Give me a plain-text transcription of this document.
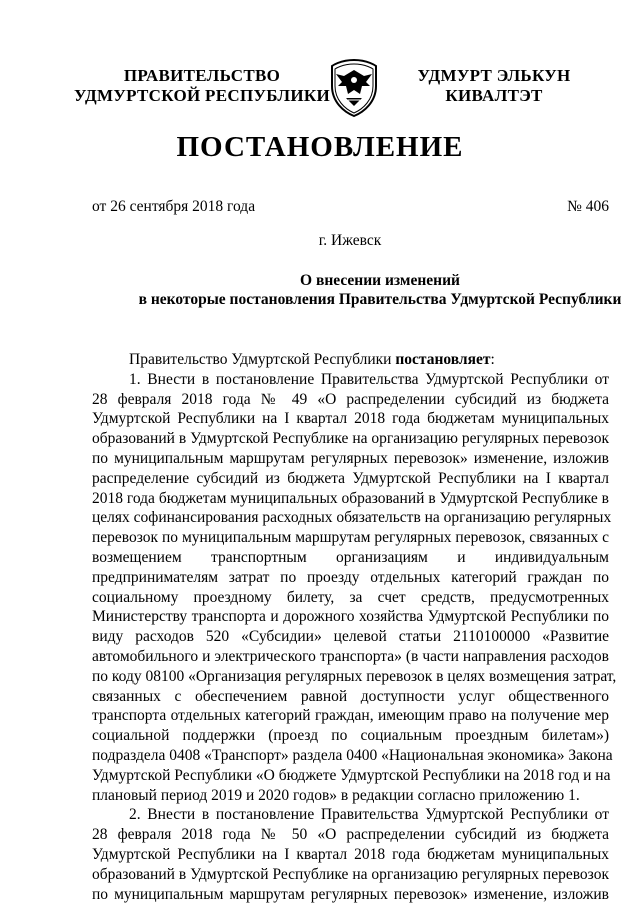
ПРАВИТЕЛЬСТВО
УДМУРТСКОЙ РЕСПУБЛИКИ
УДМУРТ ЭЛЬКУН
КИВАЛТЭТ
ПОСТАНОВЛЕНИЕ
от 26 сентября 2018 года	№ 406
г. Ижевск
О внесении изменений
в некоторые постановления Правительства Удмуртской Республики

Правительство Удмуртской Республики постановляет:

1. Внести в постановление Правительства Удмуртской Республики от
28 февраля 2018 года № 49 «О распределении субсидий из бюджета
Удмуртской Республики на I квартал 2018 года бюджетам муниципальных
образований в Удмуртской Республике на организацию регулярных перевозок
по муниципальным маршрутам регулярных перевозок» изменение, изложив
распределение субсидий из бюджета Удмуртской Республики на I квартал
2018 года бюджетам муниципальных образований в Удмуртской Республике в
целях софинансирования расходных обязательств на организацию регулярных
перевозок по муниципальным маршрутам регулярных перевозок, связанных с
возмещением транспортным организациям и индивидуальным
предпринимателям затрат по проезду отдельных категорий граждан по
социальному проездному билету, за счет средств, предусмотренных
Министерству транспорта и дорожного хозяйства Удмуртской Республики по
виду расходов 520 «Субсидии» целевой статьи 2110100000 «Развитие
автомобильного и электрического транспорта» (в части направления расходов
по коду 08100 «Организация регулярных перевозок в целях возмещения затрат,
связанных с обеспечением равной доступности услуг общественного
транспорта отдельных категорий граждан, имеющим право на получение мер
социальной поддержки (проезд по социальным проездным билетам»)
подраздела 0408 «Транспорт» раздела 0400 «Национальная экономика» Закона
Удмуртской Республики «О бюджете Удмуртской Республики на 2018 год и на
плановый период 2019 и 2020 годов» в редакции согласно приложению 1.
2. Внести в постановление Правительства Удмуртской Республики от
28 февраля 2018 года № 50 «О распределении субсидий из бюджета
Удмуртской Республики на I квартал 2018 года бюджетам муниципальных
образований в Удмуртской Республике на организацию регулярных перевозок
по муниципальным маршрутам регулярных перевозок» изменение, изложив
